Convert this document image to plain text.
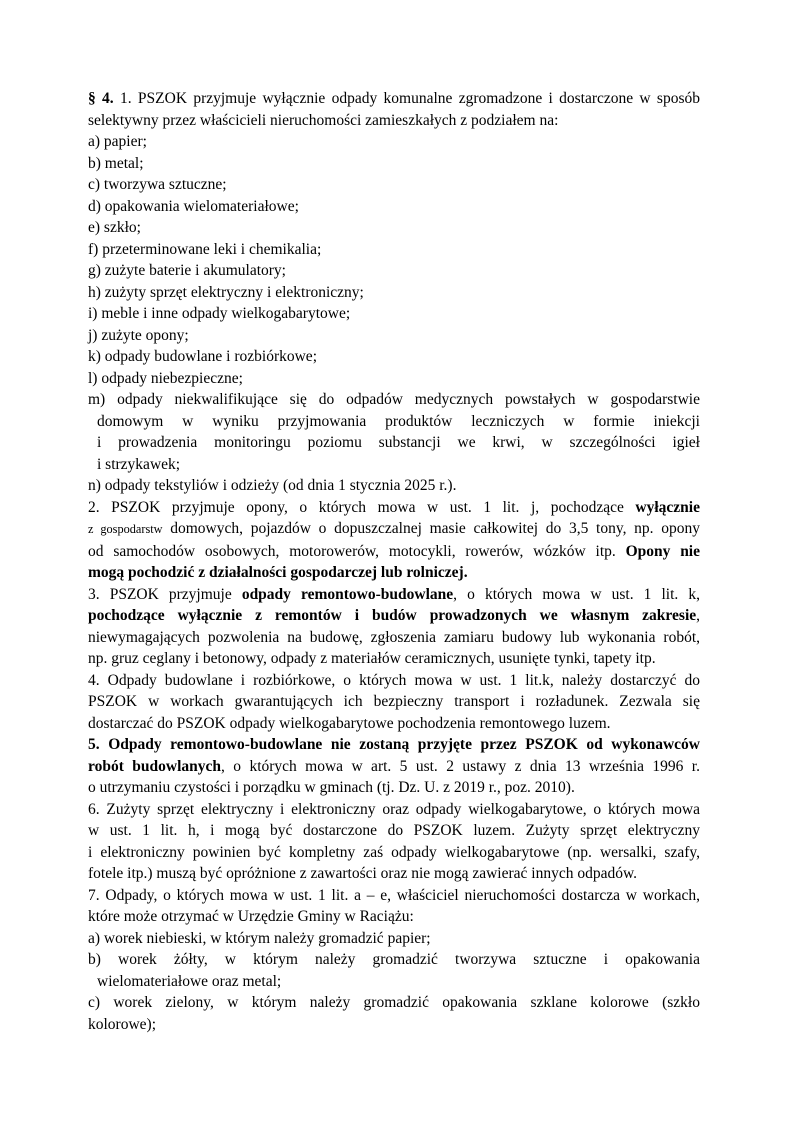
§ 4. 1. PSZOK przyjmuje wyłącznie odpady komunalne zgromadzone i dostarczone w sposób
selektywny przez właścicieli nieruchomości zamieszkałych z podziałem na:
a) papier;
b) metal;
c) tworzywa sztuczne;
d) opakowania wielomateriałowe;
e) szkło;
f) przeterminowane leki i chemikalia;
g) zużyte baterie i akumulatory;
h) zużyty sprzęt elektryczny i elektroniczny;
i) meble i inne odpady wielkogabarytowe;
j) zużyte opony;
k) odpady budowlane i rozbiórkowe;
l) odpady niebezpieczne;
m) odpady niekwalifikujące się do odpadów medycznych powstałych w gospodarstwie
domowym w wyniku przyjmowania produktów leczniczych w formie iniekcji
i prowadzenia monitoringu poziomu substancji we krwi, w szczególności igieł
i strzykawek;
n) odpady tekstyliów i odzieży (od dnia 1 stycznia 2025 r.).
2. PSZOK przyjmuje opony, o których mowa w ust. 1 lit. j, pochodzące wyłącznie
z gospodarstw domowych, pojazdów o dopuszczalnej masie całkowitej do 3,5 tony, np. opony
od samochodów osobowych, motorowerów, motocykli, rowerów, wózków itp. Opony nie
mogą pochodzić z działalności gospodarczej lub rolniczej.
3. PSZOK przyjmuje odpady remontowo-budowlane, o których mowa w ust. 1 lit. k,
pochodzące wyłącznie z remontów i budów prowadzonych we własnym zakresie,
niewymagających pozwolenia na budowę, zgłoszenia zamiaru budowy lub wykonania robót,
np. gruz ceglany i betonowy, odpady z materiałów ceramicznych, usunięte tynki, tapety itp.
4. Odpady budowlane i rozbiórkowe, o których mowa w ust. 1 lit.k, należy dostarczyć do
PSZOK w workach gwarantujących ich bezpieczny transport i rozładunek. Zezwala się
dostarczać do PSZOK odpady wielkogabarytowe pochodzenia remontowego luzem.
5. Odpady remontowo-budowlane nie zostaną przyjęte przez PSZOK od wykonawców
robót budowlanych, o których mowa w art. 5 ust. 2 ustawy z dnia 13 września 1996 r.
o utrzymaniu czystości i porządku w gminach (tj. Dz. U. z 2019 r., poz. 2010).
6. Zużyty sprzęt elektryczny i elektroniczny oraz odpady wielkogabarytowe, o których mowa
w ust. 1 lit. h, i mogą być dostarczone do PSZOK luzem. Zużyty sprzęt elektryczny
i elektroniczny powinien być kompletny zaś odpady wielkogabarytowe (np. wersalki, szafy,
fotele itp.) muszą być opróżnione z zawartości oraz nie mogą zawierać innych odpadów.
7. Odpady, o których mowa w ust. 1 lit. a – e, właściciel nieruchomości dostarcza w workach,
które może otrzymać w Urzędzie Gminy w Raciążu:
a) worek niebieski, w którym należy gromadzić papier;
b) worek żółty, w którym należy gromadzić tworzywa sztuczne i opakowania
wielomateriałowe oraz metal;
c) worek zielony, w którym należy gromadzić opakowania szklane kolorowe (szkło
kolorowe);
